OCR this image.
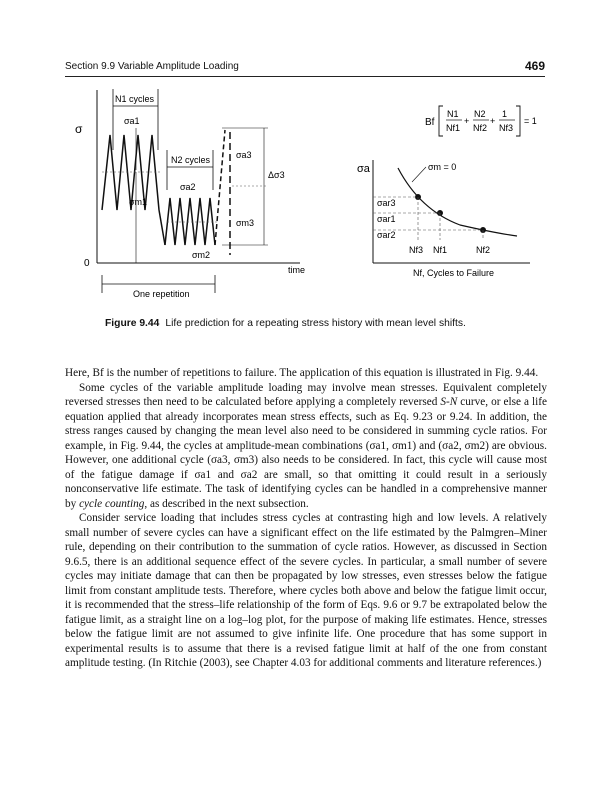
Section 9.9 Variable Amplitude Loading	469
σ
0
time
N1 cycles
σa1
σm1
N2 cycles
σa2
σm2
σa3
Δσ3
σm3
One repetition
Bf
N1
Nf1
+
N2
Nf2
+
1
Nf3
= 1
σa	σm = 0
σar3
σar1
σar2
Nf3 Nf1	Nf2
Nf, Cycles to Failure
Figure 9.44 Life prediction for a repeating stress history with mean level shifts.

Here, Bf is the number of repetitions to failure. The application of this equation is illustrated in Fig. 9.44.

Some cycles of the variable amplitude loading may involve mean stresses. Equivalent completely reversed stresses then need to be calculated before applying a completely reversed S-N curve, or else a life equation applied that already incorporates mean stress effects, such as Eq. 9.23 or 9.24. In addition, the stress ranges caused by changing the mean level also need to be considered in summing cycle ratios. For example, in Fig. 9.44, the cycles at amplitude-mean combinations (σa1, σm1) and (σa2, σm2) are obvious. However, one additional cycle (σa3, σm3) also needs to be considered. In fact, this cycle will cause most of the fatigue damage if σa1 and σa2 are small, so that omitting it could result in a seriously nonconservative life estimate. The task of identifying cycles can be handled in a comprehensive manner by cycle counting, as described in the next subsection.

Consider service loading that includes stress cycles at contrasting high and low levels. A relatively small number of severe cycles can have a significant effect on the life estimated by the Palmgren–Miner rule, depending on their contribution to the summation of cycle ratios. However, as discussed in Section 9.6.5, there is an additional sequence effect of the severe cycles. In particular, a small number of severe cycles may initiate damage that can then be propagated by low stresses, even stresses below the fatigue limit from constant amplitude tests. Therefore, where cycles both above and below the fatigue limit occur, it is recommended that the stress–life relationship of the form of Eqs. 9.6 or 9.7 be extrapolated below the fatigue limit, as a straight line on a log–log plot, for the purpose of making life estimates. Hence, stresses below the fatigue limit are not assumed to give infinite life. One procedure that has some support in experimental results is to assume that there is a revised fatigue limit at half of the one from constant amplitude testing. (In Ritchie (2003), see Chapter 4.03 for additional comments and literature references.)
